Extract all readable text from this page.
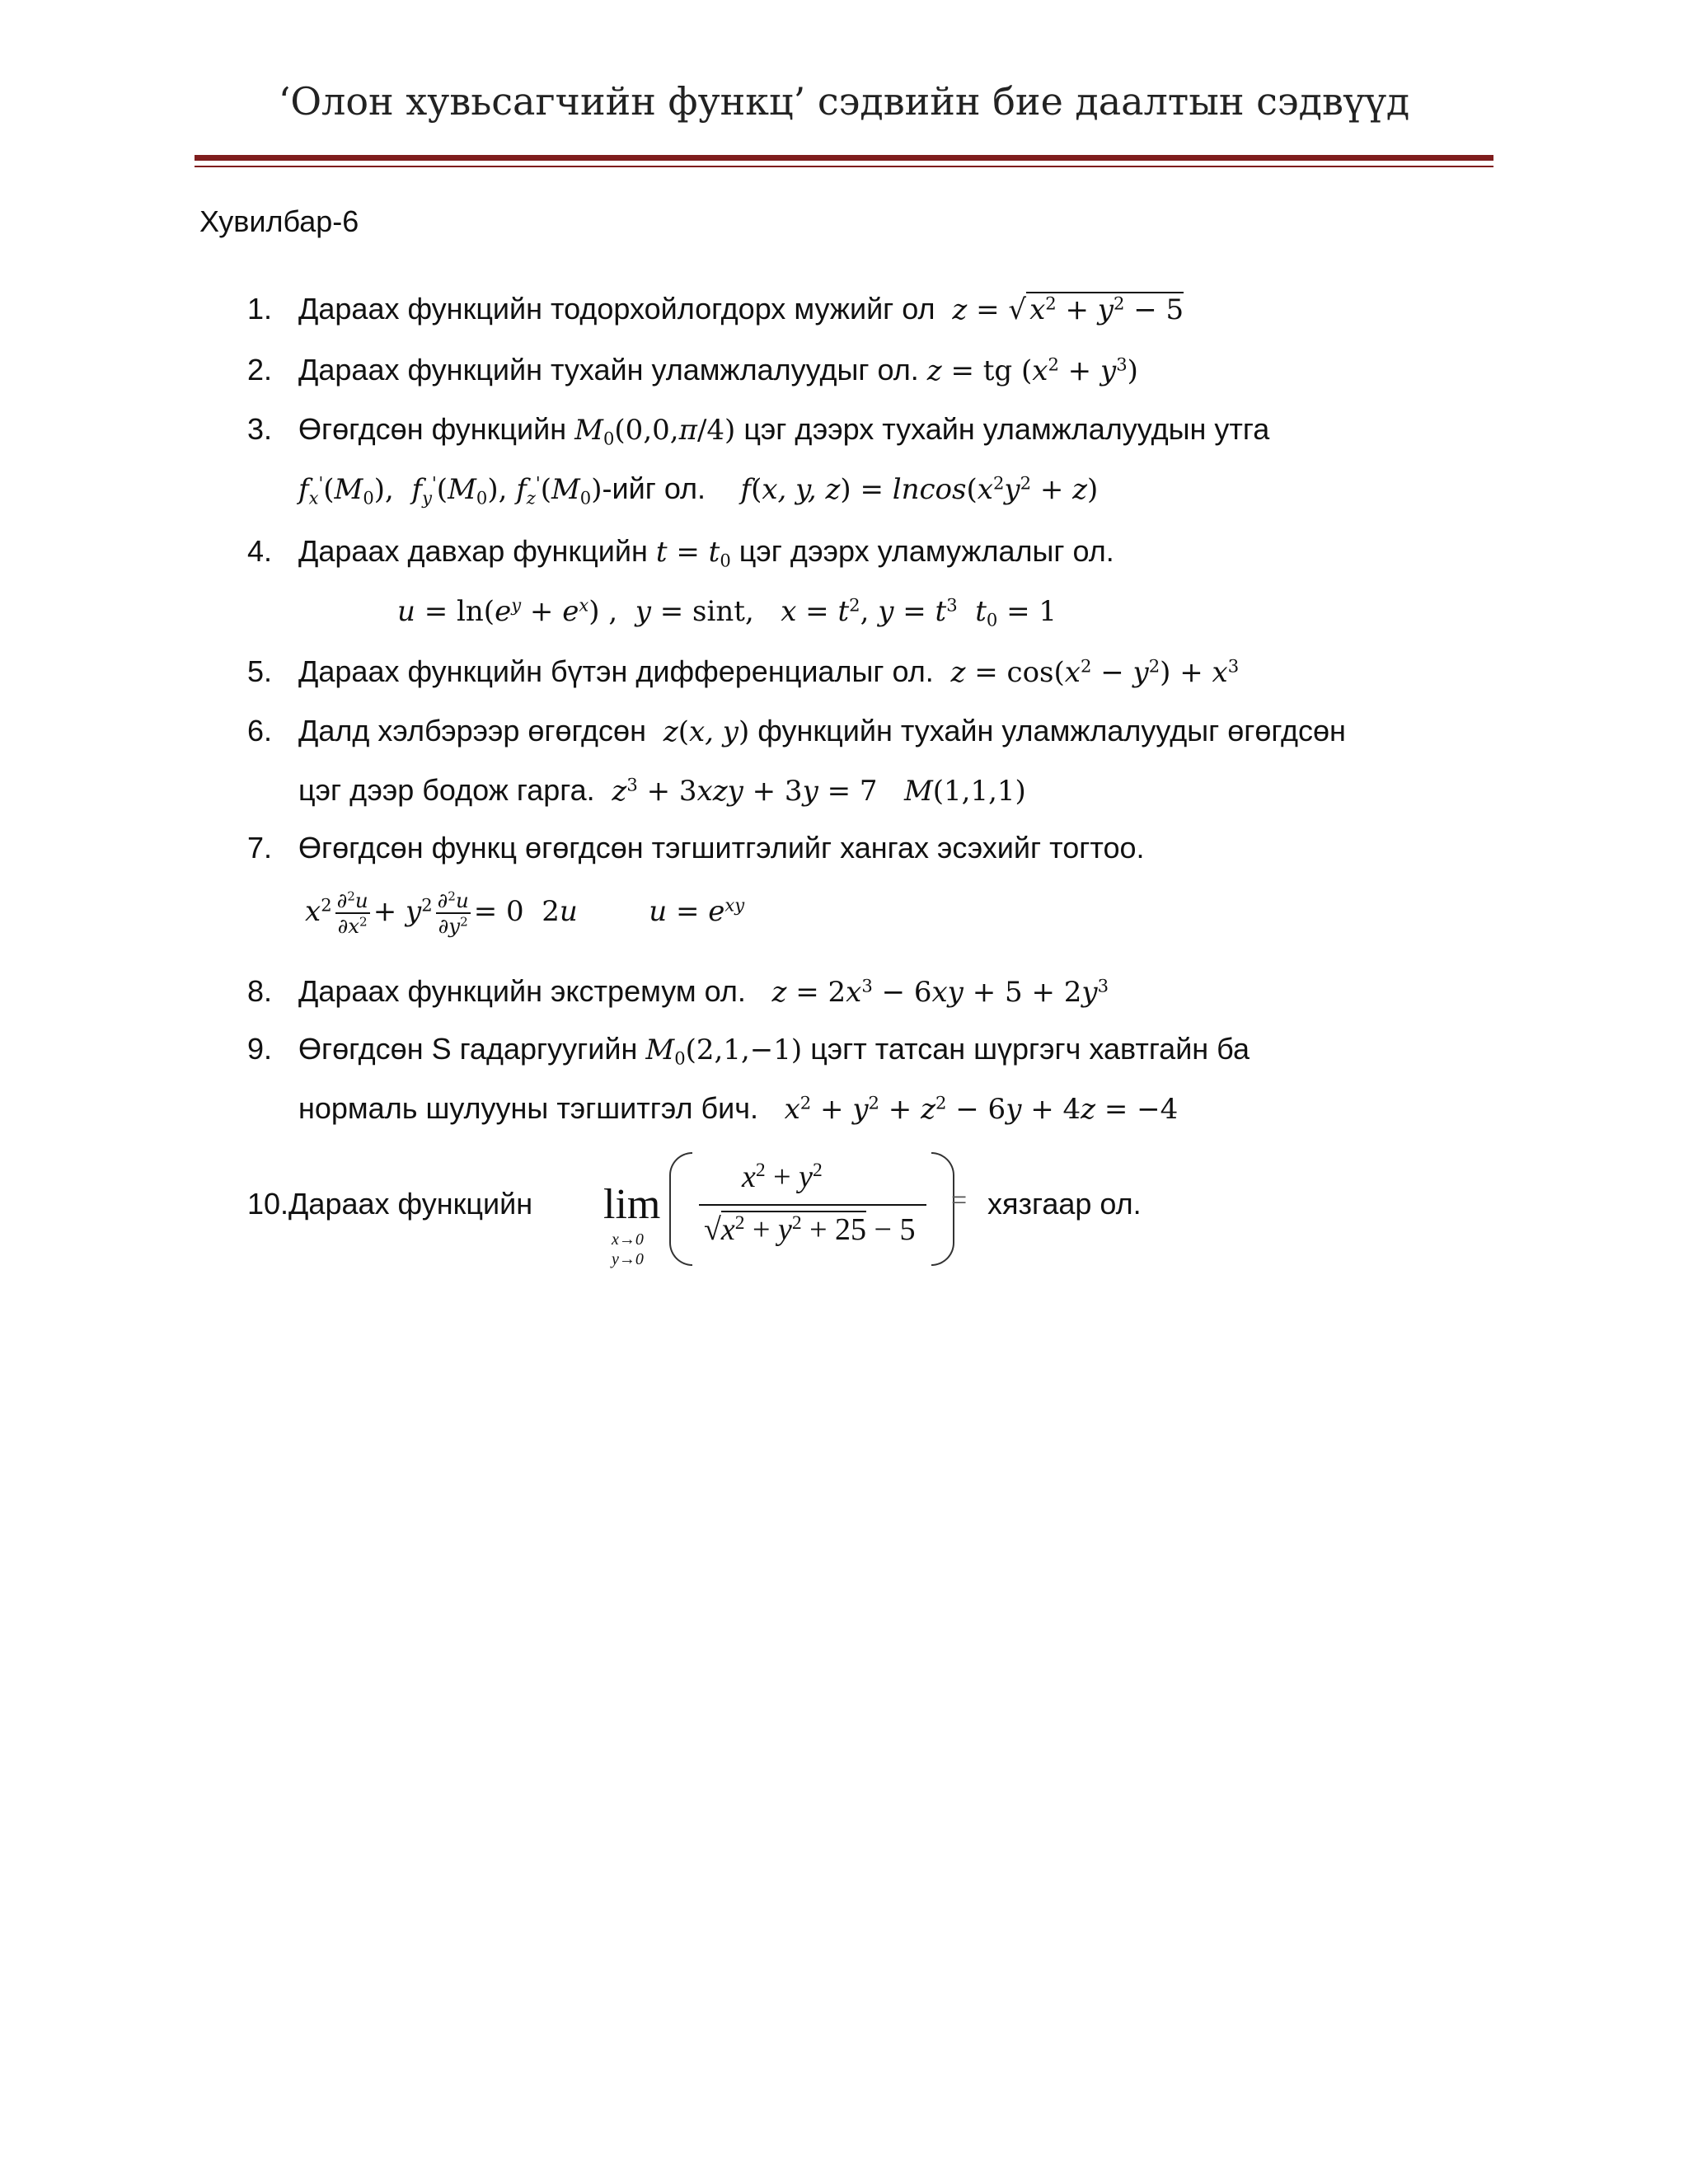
‘Олон хувьсагчийн функц’ сэдвийн бие даалтын сэдвүүд
Хувилбар-6
1. Дараах функцийн тодорхойлогдорх мужийг ол  z = √ $x^2 + y^2 - 5$
2. Дараах функцийн тухайн уламжлалуудыг ол. z = tg $(x^2 + y^3)$
3. Өгөгдсөн функцийн $M_0(0,0,\pi/4)$ цэг дээрх тухайн уламжлалуудын утга
$f_x'(M_0)$,  $f_y'(M_0)$, $f_z'(M_0)$-ийг ол.    f(x, y, $z) = lncos(x^2y^2 + z)$
4. Дараах давхар функцийн $t = t_0$ цэг дээрх уламужлалыг ол.
$u = \ln(e^y + e^x)$ ,  y = sint,   $x = t^2$, $y = t^3$  $t_0 = 1$
5. Дараах функцийн бүтэн дифференциалыг ол.  $z = \cos(x^2 - y^2) + x^3$
6. Далд хэлбэрээр өгөгдсөн  z(x, y) функцийн тухайн уламжлалуудыг өгөгдсөн
цэг дээр бодож гарга.  $z^3 + 3xzy + 3y = 7$   M(1,1,1)
7. Өгөгдсөн функц өгөгдсөн тэгшитгэлийг хангах эсэхийг тогтоо.
$x^2 \frac{\partial^2u}{\partial x^2} + y^2 \frac{\partial^2u}{\partial y^2} = 0$  2u        $u = e^{xy}$
8. Дараах функцийн экстремум ол.   $z = 2x^3 - 6xy + 5 + 2y^3$
9. Өгөгдсөн S гадаргуугийн $M_0(2,1,-1)$ цэгт татсан шүргэгч хавтгайн ба
нормаль шулууны тэгшитгэл бич.   $x^2 + y^2 + z^2 - 6y + 4z = -4$
10.Дараах функцийн lim
x→0
y→0
$x^2 + y^2$
$√x^2 + y^2 + 25 - 5$
= хязгаар ол.
